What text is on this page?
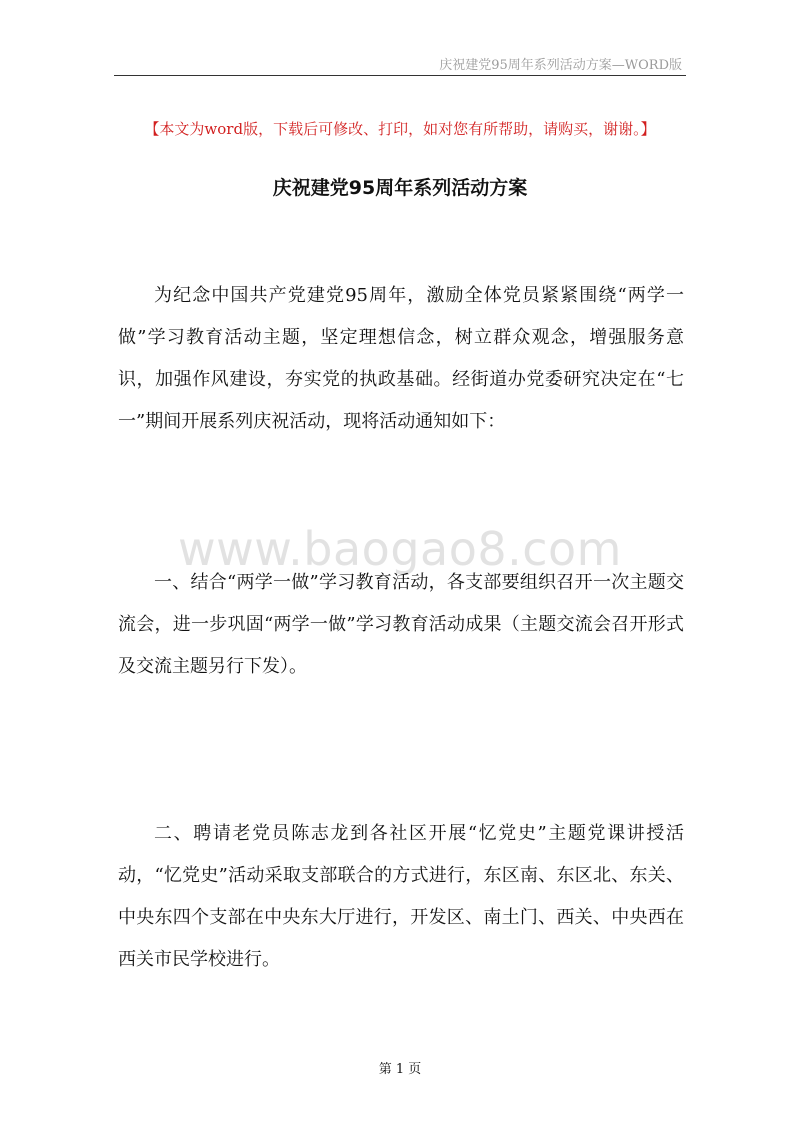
庆祝建党95周年系列活动方案—WORD版

【本文为word版，下载后可修改、打印，如对您有所帮助，请购买，谢谢。】

庆祝建党95周年系列活动方案
www.baogao8.com

为纪念中国共产党建党95周年，激励全体党员紧紧围绕“两学一做”学习教育活动主题，坚定理想信念，树立群众观念，增强服务意识，加强作风建设，夯实党的执政基础。经街道办党委研究决定在“七一”期间开展系列庆祝活动，现将活动通知如下：

一、结合“两学一做”学习教育活动，各支部要组织召开一次主题交流会，进一步巩固“两学一做”学习教育活动成果（主题交流会召开形式及交流主题另行下发）。

二、聘请老党员陈志龙到各社区开展“忆党史”主题党课讲授活动，“忆党史”活动采取支部联合的方式进行，东区南、东区北、东关、中央东四个支部在中央东大厅进行，开发区、南土门、西关、中央西在西关市民学校进行。

第 1 页
